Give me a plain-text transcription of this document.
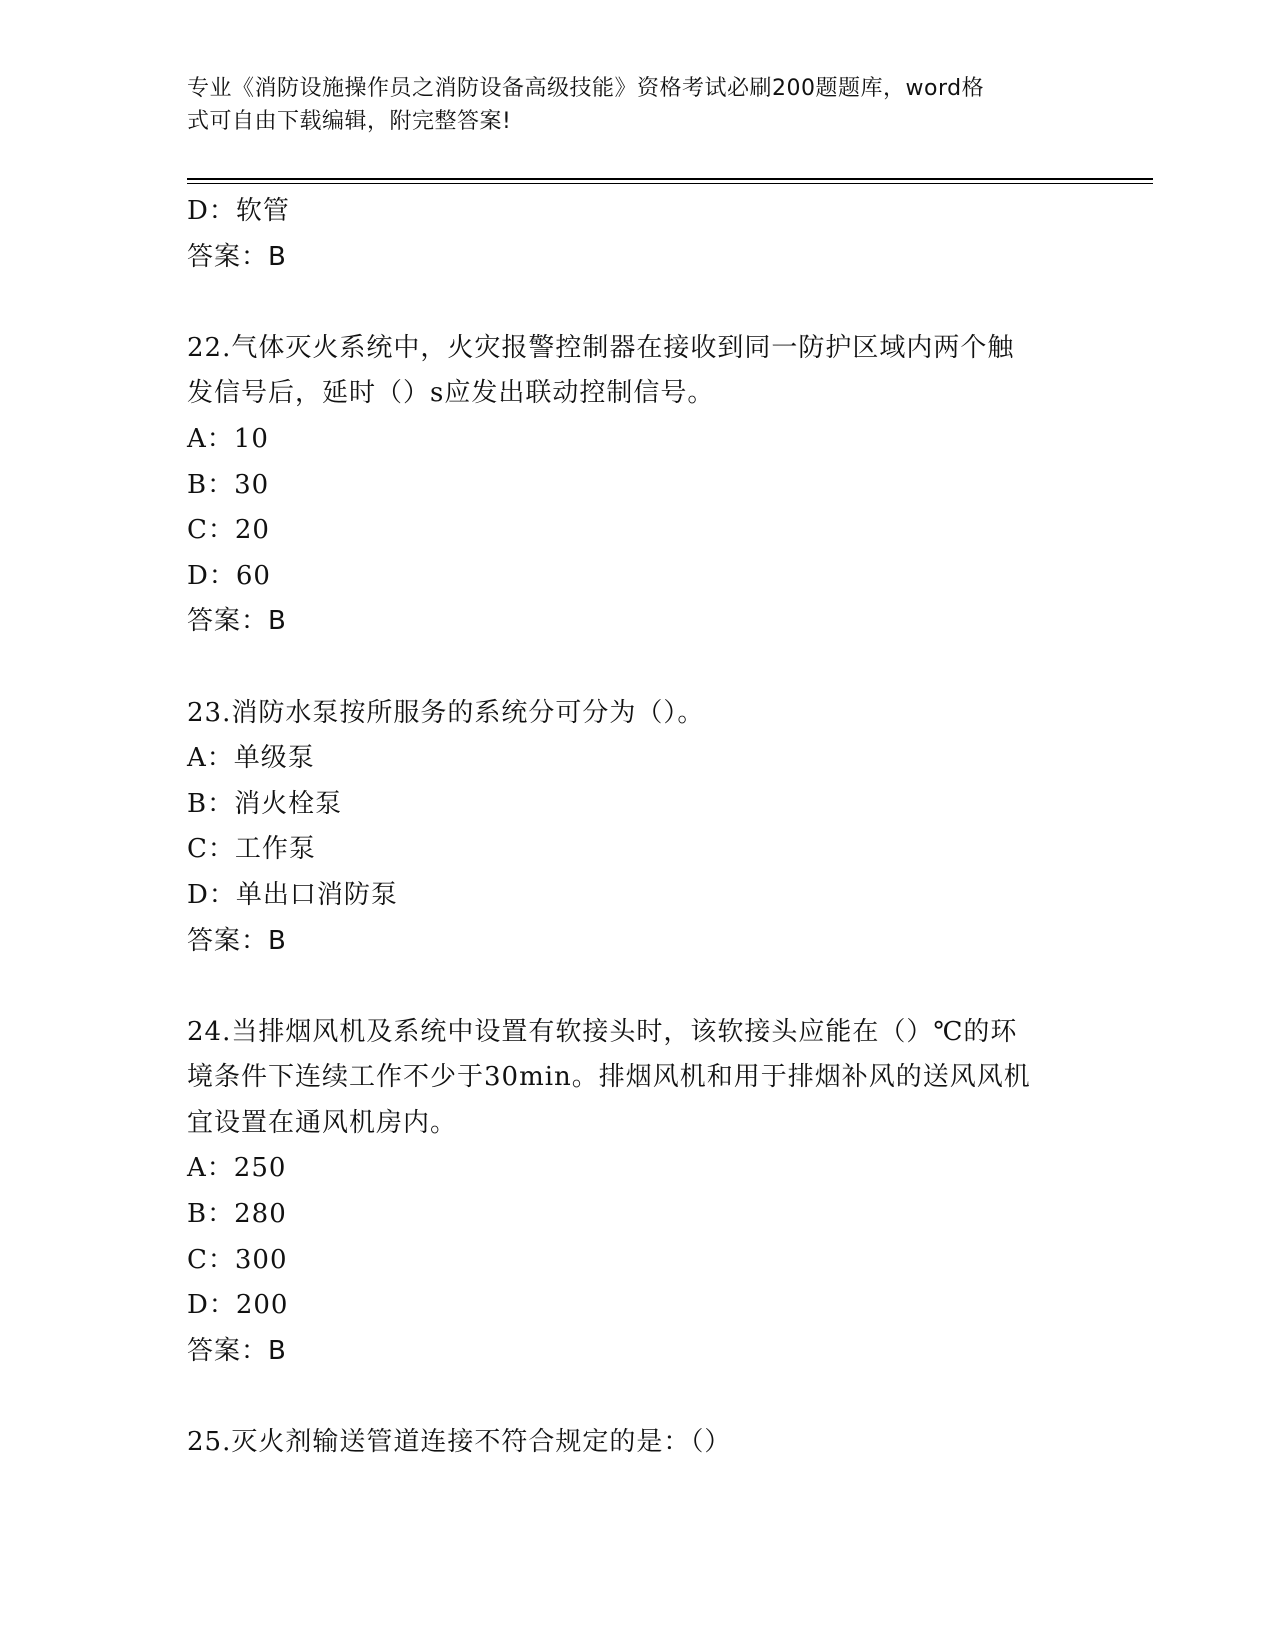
专业《消防设施操作员之消防设备高级技能》资格考试必刷200题题库，word格
式可自由下载编辑，附完整答案!
D：软管
答案：B
22.气体灭火系统中，火灾报警控制器在接收到同一防护区域内两个触
发信号后，延时（）s应发出联动控制信号。
A：10
B：30
C：20
D：60
答案：B
23.消防水泵按所服务的系统分可分为（）。
A：单级泵
B：消火栓泵
C：工作泵
D：单出口消防泵
答案：B
24.当排烟风机及系统中设置有软接头时，该软接头应能在（）℃的环
境条件下连续工作不少于30min。排烟风机和用于排烟补风的送风风机
宜设置在通风机房内。
A：250
B：280
C：300
D：200
答案：B
25.灭火剂输送管道连接不符合规定的是：（）
